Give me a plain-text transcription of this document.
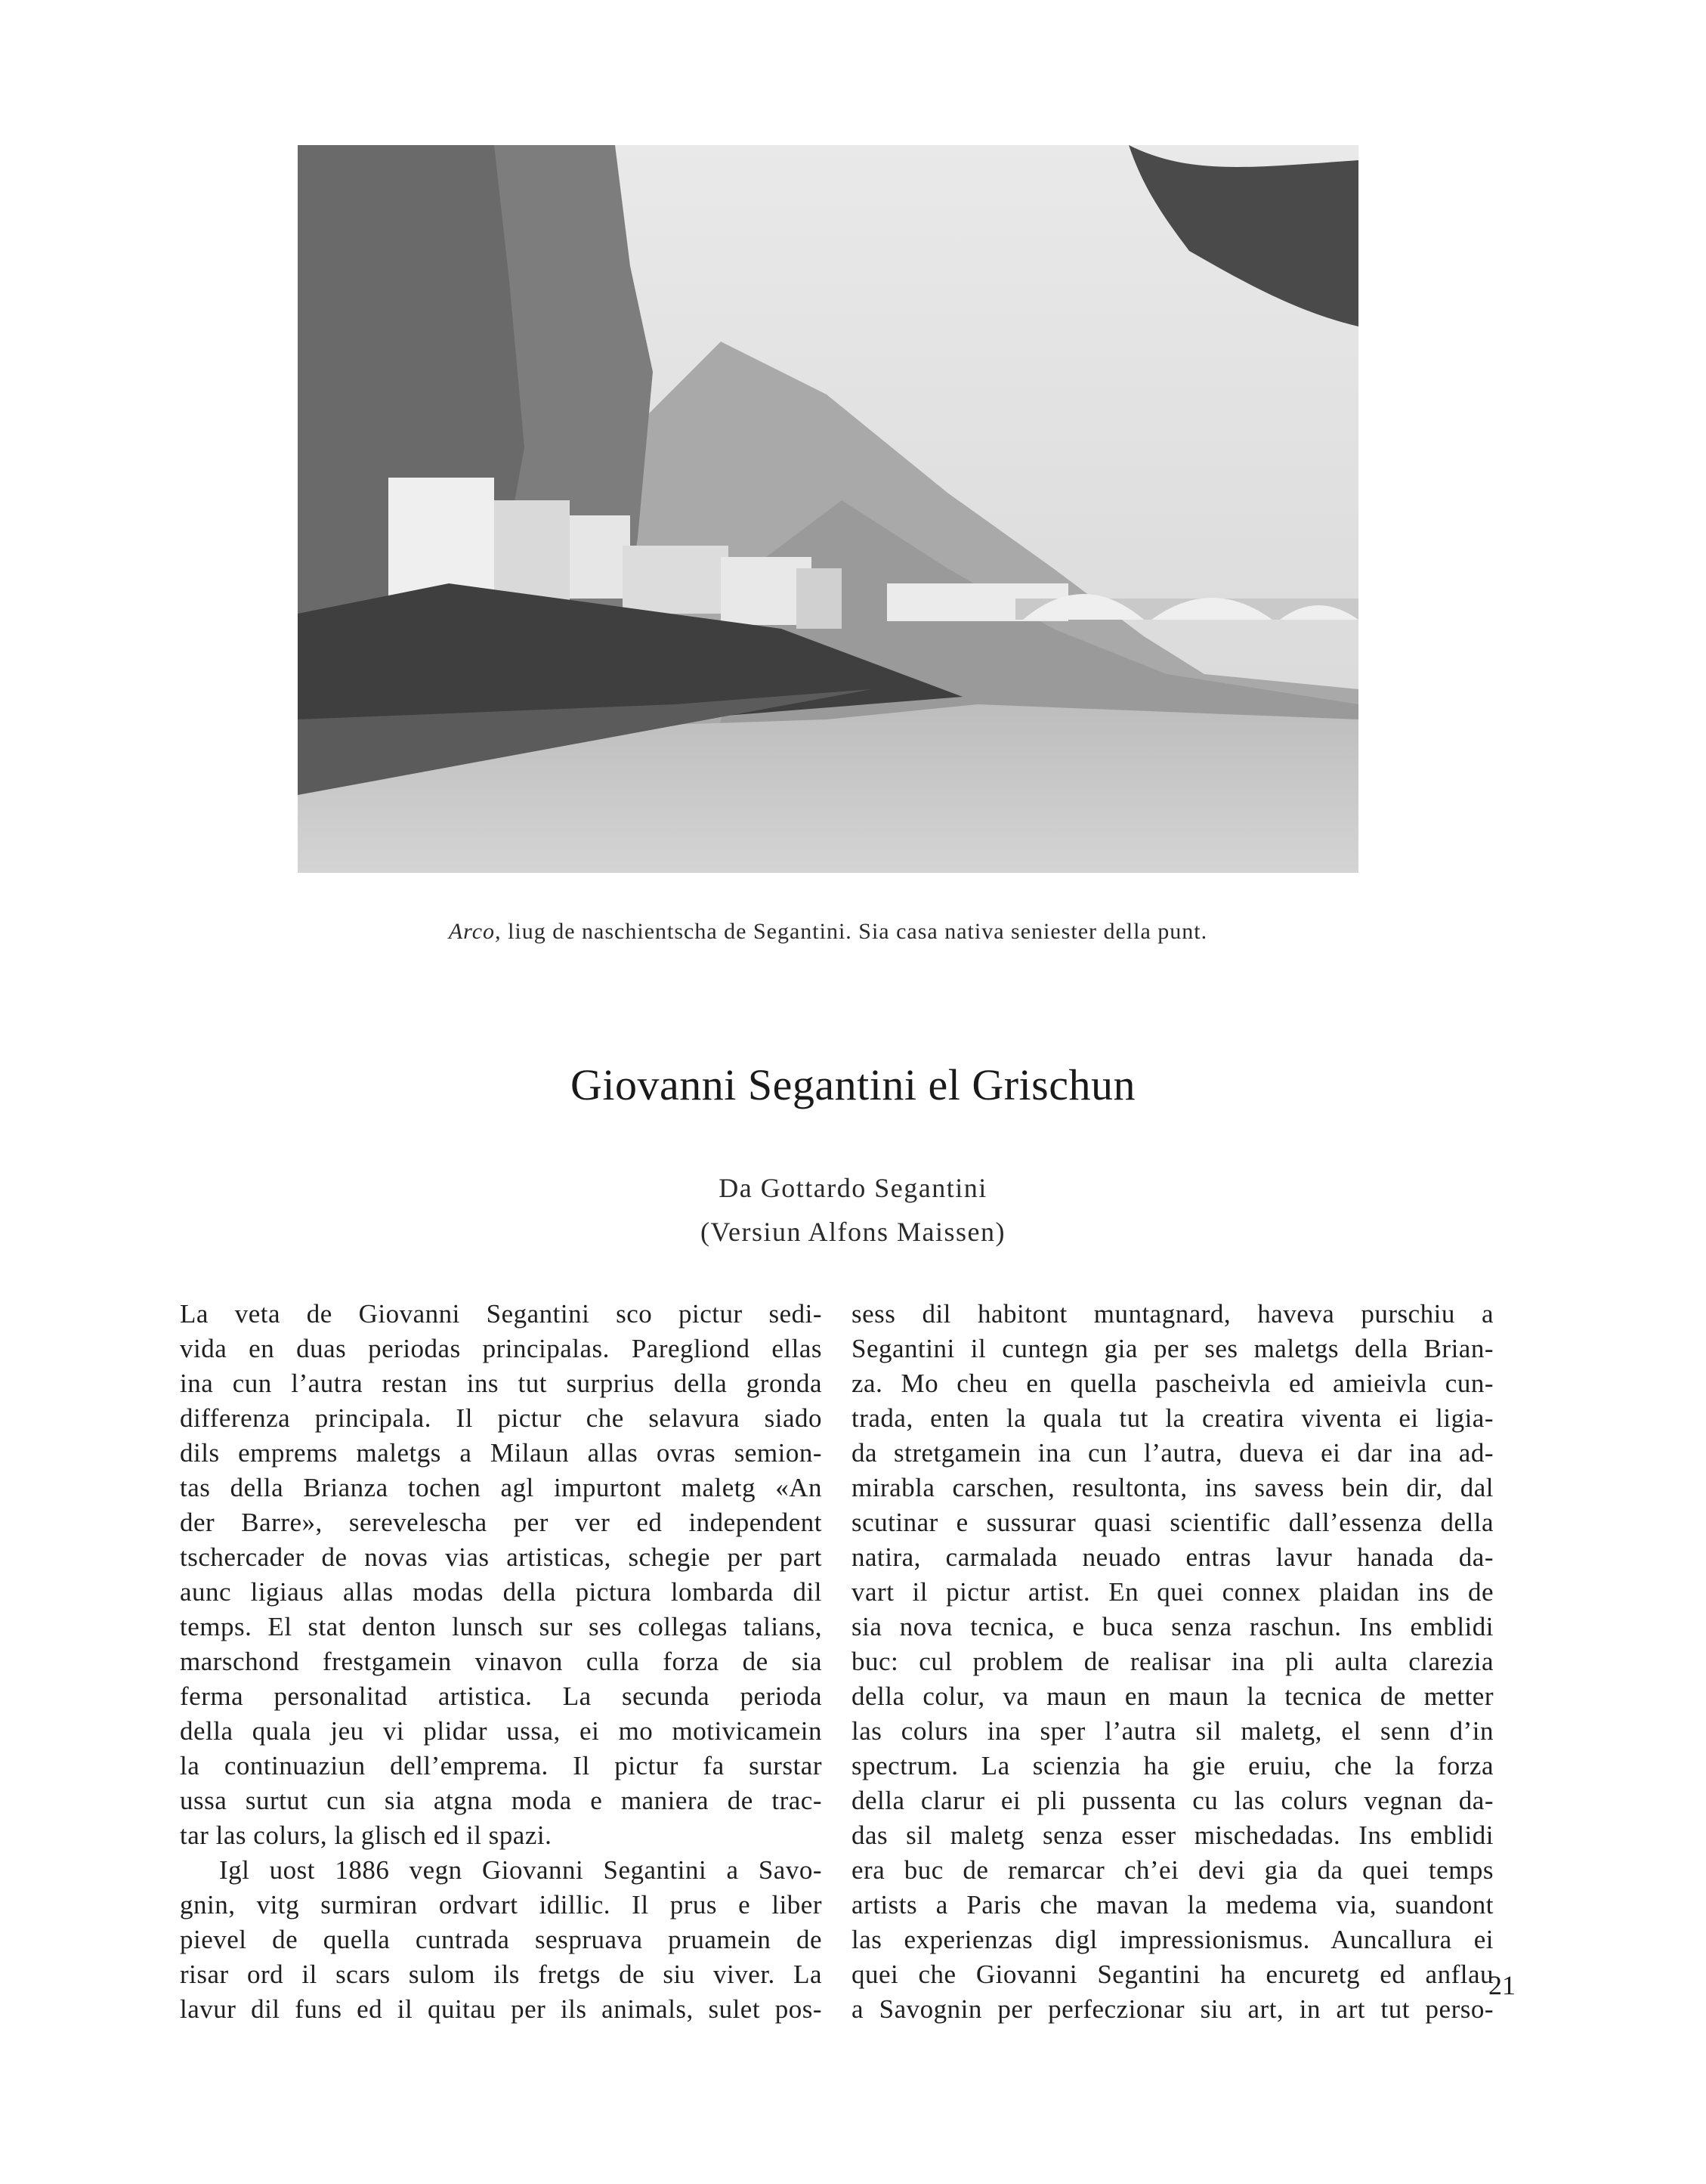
Arco, liug de naschientscha de Segantini. Sia casa nativa seniester della punt.
Giovanni Segantini el Grischun
Da Gottardo Segantini
(Versiun Alfons Maissen)
La veta de Giovanni Segantini sco pictur sedi-
vida en duas periodas principalas. Paregliond ellas
ina cun l’autra restan ins tut surprius della gronda
differenza principala. Il pictur che selavura siado
dils emprems maletgs a Milaun allas ovras semion-
tas della Brianza tochen agl impurtont maletg «An
der Barre», serevelescha per ver ed independent
tschercader de novas vias artisticas, schegie per part
aunc ligiaus allas modas della pictura lombarda dil
temps. El stat denton lunsch sur ses collegas talians,
marschond frestgamein vinavon culla forza de sia
ferma personalitad artistica. La secunda perioda
della quala jeu vi plidar ussa, ei mo motivicamein
la continuaziun dell’emprema. Il pictur fa surstar
ussa surtut cun sia atgna moda e maniera de trac-
tar las colurs, la glisch ed il spazi.
Igl uost 1886 vegn Giovanni Segantini a Savo-
gnin, vitg surmiran ordvart idillic. Il prus e liber
pievel de quella cuntrada sespruava pruamein de
risar ord il scars sulom ils fretgs de siu viver. La
lavur dil funs ed il quitau per ils animals, sulet pos-
sess dil habitont muntagnard, haveva purschiu a
Segantini il cuntegn gia per ses maletgs della Brian-
za. Mo cheu en quella pascheivla ed amieivla cun-
trada, enten la quala tut la creatira viventa ei ligia-
da stretgamein ina cun l’autra, dueva ei dar ina ad-
mirabla carschen, resultonta, ins savess bein dir, dal
scutinar e sussurar quasi scientific dall’essenza della
natira, carmalada neuado entras lavur hanada da-
vart il pictur artist. En quei connex plaidan ins de
sia nova tecnica, e buca senza raschun. Ins emblidi
buc: cul problem de realisar ina pli aulta clarezia
della colur, va maun en maun la tecnica de metter
las colurs ina sper l’autra sil maletg, el senn d’in
spectrum. La scienzia ha gie eruiu, che la forza
della clarur ei pli pussenta cu las colurs vegnan da-
das sil maletg senza esser mischedadas. Ins emblidi
era buc de remarcar ch’ei devi gia da quei temps
artists a Paris che mavan la medema via, suandont
las experienzas digl impressionismus. Auncallura ei
quei che Giovanni Segantini ha encuretg ed anflau
a Savognin per perfeczionar siu art, in art tut perso-
21
